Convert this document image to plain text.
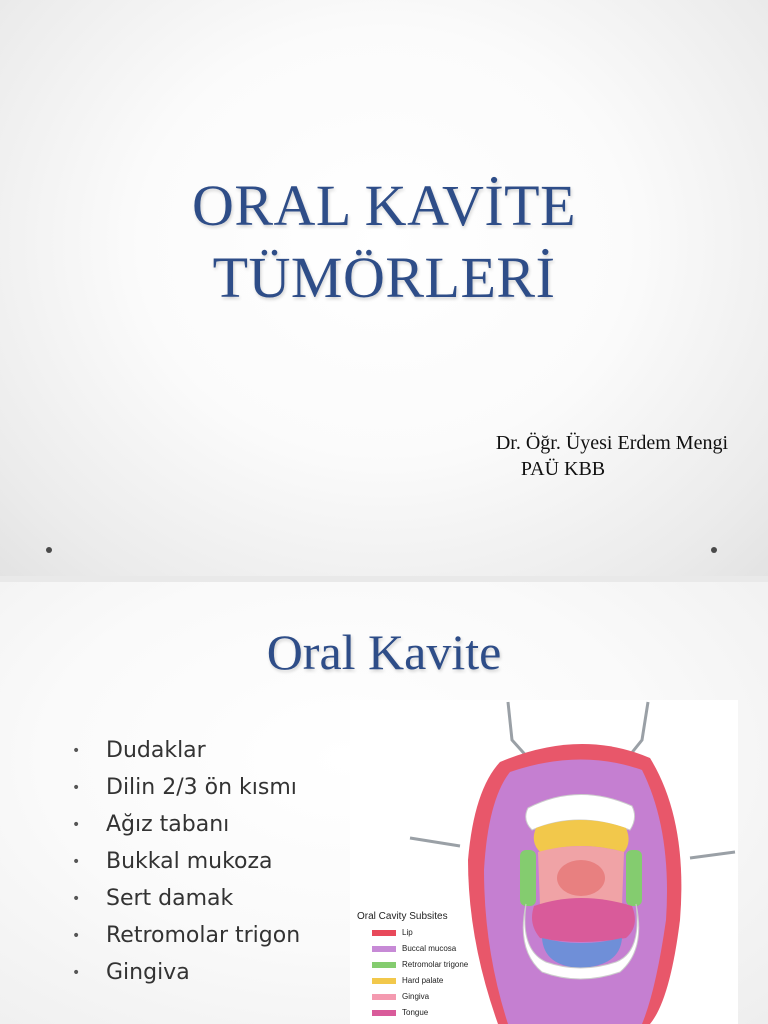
ORAL KAVİTE
TÜMÖRLERİ
Dr. Öğr. Üyesi Erdem Mengi
PAÜ KBB
Oral Kavite
• Dudaklar
• Dilin 2/3 ön kısmı
• Ağız tabanı
• Bukkal mukoza
• Sert damak
• Retromolar trigon
• Gingiva
Oral Cavity Subsites
Lip
Buccal mucosa
Retromolar trigone
Hard palate
Gingiva
Tongue
